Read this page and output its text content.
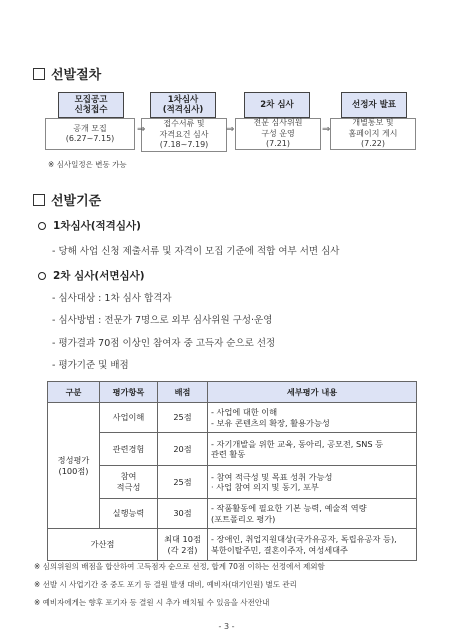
선발절차
모집공고
신청접수
공개 모집
(6.27~7.15)
1차심사
(적격심사)
접수서류 및
자격요건 심사
(7.18~7.19)
2차 심사
전문 심사위원
구성 운영
(7.21)
선정자 발표
개별통보 및
홈페이지 게시
(7.22)
⇒	⇒	⇒
※ 심사일정은 변동 가능
선발기준
1차심사(적격심사)
- 당해 사업 신청 제출서류 및 자격이 모집 기준에 적합 여부 서면 심사
2차 심사(서면심사)
- 심사대상 : 1차 심사 합격자
- 심사방법 : 전문가 7명으로 외부 심사위원 구성·운영
- 평가결과 70점 이상인 참여자 중 고득자 순으로 선정
- 평가기준 및 배점
구분	평가항목	배점	세부평가 내용
정성평가
(100점)	사업이해	25점	- 사업에 대한 이해
- 보유 콘텐츠의 확장, 활용가능성
	관련경험	20점	- 자기개발을 위한 교육, 동아리, 공모전, SNS 등
관련 활동
	참여
적극성	25점	- 참여 적극성 및 목표 성취 가능성
· 사업 참여 의지 및 동기, 포부
	실행능력	30점	- 작품활동에 필요한 기본 능력, 예술적 역량
(포트폴리오 평가)
가산점		최대 10점
(각 2점)	- 장애인, 취업지원대상(국가유공자, 독립유공자 등),
북한이탈주민, 결혼이주자, 여성세대주
※ 심의위원의 배점을 합산하여 고득점자 순으로 선정, 합계 70점 이하는 선정에서 제외함
※ 선발 시 사업기간 중 중도 포기 등 결원 발생 대비, 예비자(대기인원) 별도 관리
※ 예비자에게는 향후 포기자 등 결원 시 추가 배치될 수 있음을 사전안내
- 3 -
